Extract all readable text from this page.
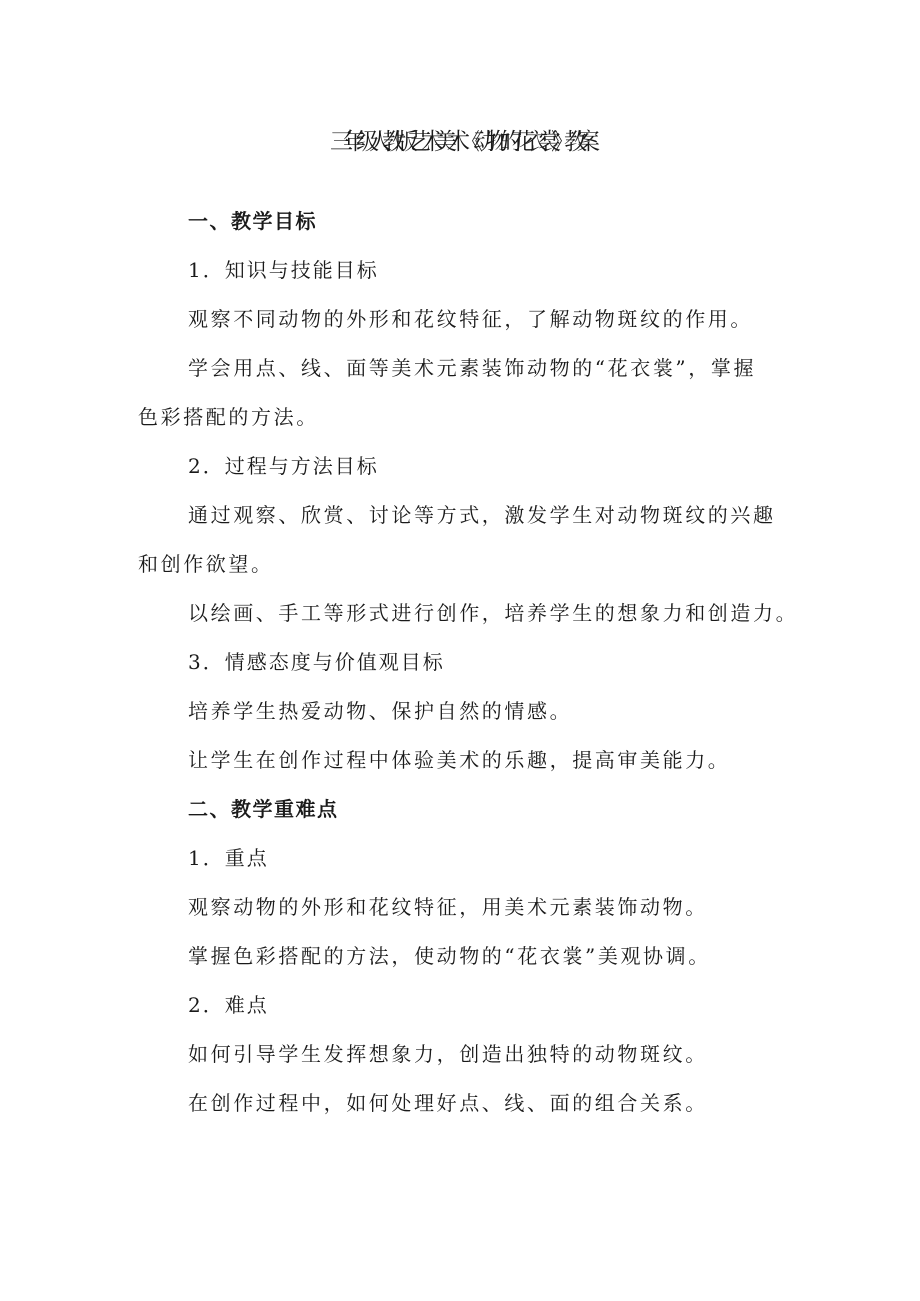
三年级人教版艺术美术《动物的花衣裳》教案
一、教学目标
1．知识与技能目标
观察不同动物的外形和花纹特征，了解动物斑纹的作用。
学会用点、线、面等美术元素装饰动物的“花衣裳”，掌握
色彩搭配的方法。
2．过程与方法目标
通过观察、欣赏、讨论等方式，激发学生对动物斑纹的兴趣
和创作欲望。
以绘画、手工等形式进行创作，培养学生的想象力和创造力。
3．情感态度与价值观目标
培养学生热爱动物、保护自然的情感。
让学生在创作过程中体验美术的乐趣，提高审美能力。
二、教学重难点
1．重点
观察动物的外形和花纹特征，用美术元素装饰动物。
掌握色彩搭配的方法，使动物的“花衣裳”美观协调。
2．难点
如何引导学生发挥想象力，创造出独特的动物斑纹。
在创作过程中，如何处理好点、线、面的组合关系。
